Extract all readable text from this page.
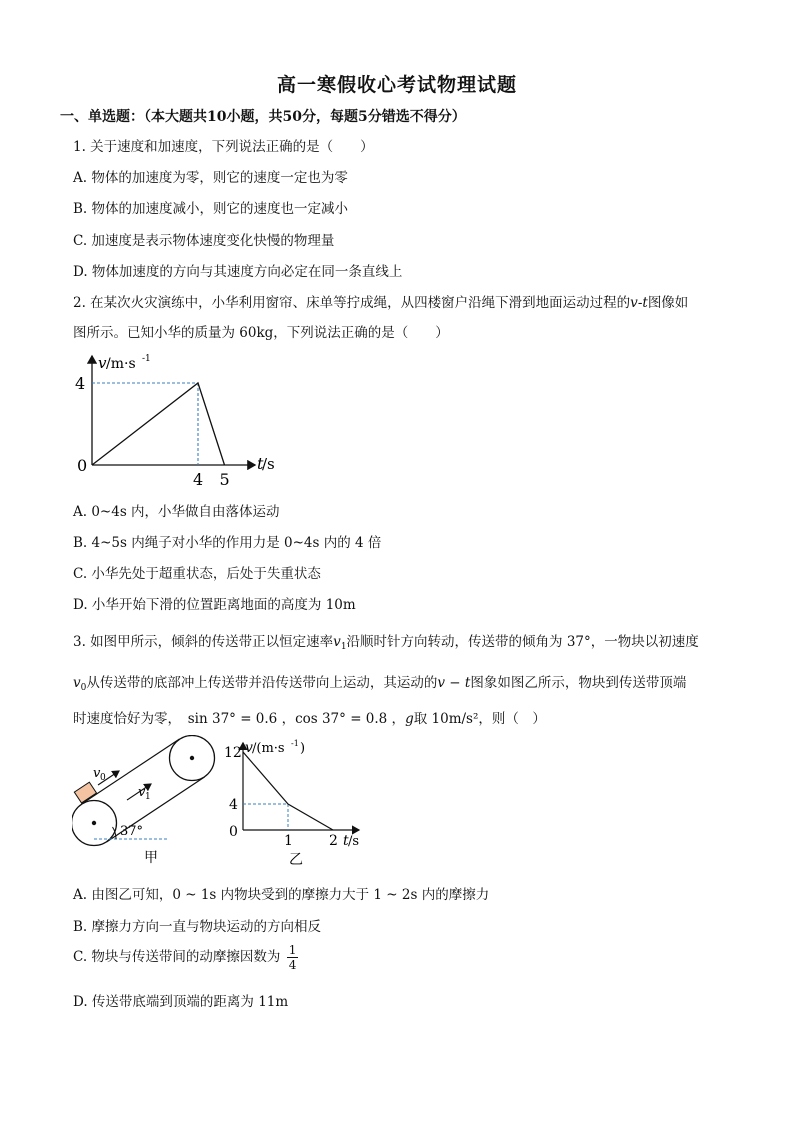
高一寒假收心考试物理试题
一、单选题：（本大题共10小题，共50分，每题5分错选不得分）
1. 关于速度和加速度，下列说法正确的是（　　）
A. 物体的加速度为零，则它的速度一定也为零
B. 物体的加速度减小，则它的速度也一定减小
C. 加速度是表示物体速度变化快慢的物理量
D. 物体加速度的方向与其速度方向必定在同一条直线上
2. 在某次火灾演练中，小华利用窗帘、床单等拧成绳，从四楼窗户沿绳下滑到地面运动过程的v-t图像如
图所示。已知小华的质量为 60kg，下列说法正确的是（　　）
v /m·s -1
4
0
4 5
t
/s
A. 0~4s 内，小华做自由落体运动
B. 4~5s 内绳子对小华的作用力是 0~4s 内的 4 倍
C. 小华先处于超重状态，后处于失重状态
D. 小华开始下滑的位置距离地面的高度为 10m
3. 如图甲所示，倾斜的传送带正以恒定速率$v_1$沿顺时针方向转动，传送带的倾角为 37°，一物块以初速度
$v_0$从传送带的底部冲上传送带并沿传送带向上运动，其运动的v − t图象如图乙所示，物块到传送带顶端
时速度恰好为零，　sin 37° = 0.6 ，cos 37° = 0.8 ，g取 10m/s²，则（　）
v 0
v 1
37°
甲
v /(m·s -1 )
12
4
0
1	2 t /s
乙
A. 由图乙可知，0 ~ 1s 内物块受到的摩擦力大于 1 ~ 2s 内的摩擦力
B. 摩擦力方向一直与物块运动的方向相反
C. 物块与传送带间的动摩擦因数为 $\frac{1}{4}$
D. 传送带底端到顶端的距离为 11m
